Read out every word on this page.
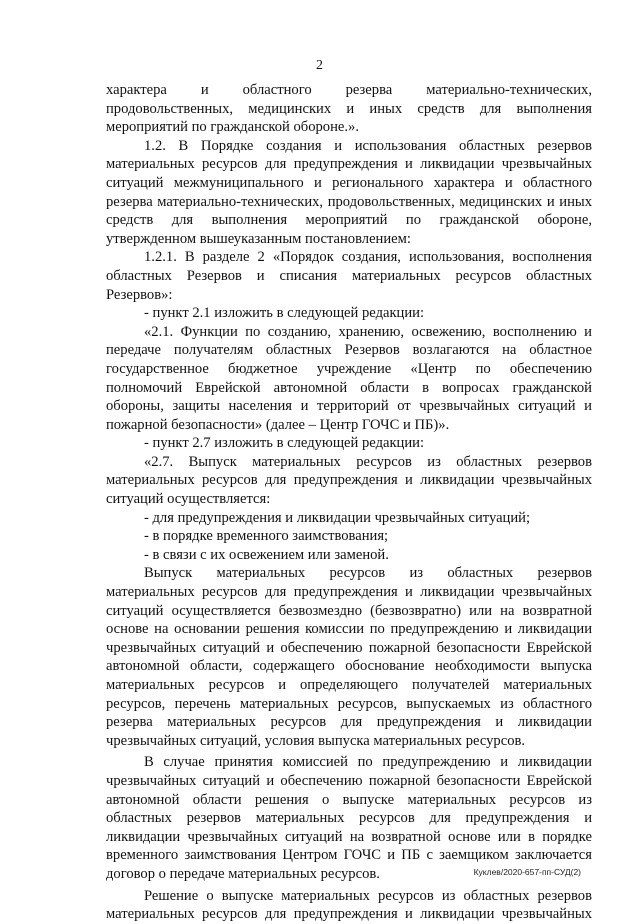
2
характера и областного резерва материально-технических,
продовольственных, медицинских и иных средств для выполнения
мероприятий по гражданской обороне.».
1.2. В Порядке создания и использования областных резервов
материальных ресурсов для предупреждения и ликвидации чрезвычайных
ситуаций межмуниципального и регионального характера и областного
резерва материально-технических, продовольственных, медицинских и иных
средств для выполнения мероприятий по гражданской обороне,
утвержденном вышеуказанным постановлением:
1.2.1. В разделе 2 «Порядок создания, использования, восполнения
областных Резервов и списания материальных ресурсов областных
Резервов»:
- пункт 2.1 изложить в следующей редакции:
«2.1. Функции по созданию, хранению, освежению, восполнению и
передаче получателям областных Резервов возлагаются на областное
государственное бюджетное учреждение «Центр по обеспечению
полномочий Еврейской автономной области в вопросах гражданской
обороны, защиты населения и территорий от чрезвычайных ситуаций и
пожарной безопасности» (далее – Центр ГОЧС и ПБ)».
- пункт 2.7 изложить в следующей редакции:
«2.7. Выпуск материальных ресурсов из областных резервов
материальных ресурсов для предупреждения и ликвидации чрезвычайных
ситуаций осуществляется:
- для предупреждения и ликвидации чрезвычайных ситуаций;
- в порядке временного заимствования;
- в связи с их освежением или заменой.
Выпуск материальных ресурсов из областных резервов
материальных ресурсов для предупреждения и ликвидации чрезвычайных
ситуаций осуществляется безвозмездно (безвозвратно) или на возвратной
основе на основании решения комиссии по предупреждению и ликвидации
чрезвычайных ситуаций и обеспечению пожарной безопасности Еврейской
автономной области, содержащего обоснование необходимости выпуска
материальных ресурсов и определяющего получателей материальных
ресурсов, перечень материальных ресурсов, выпускаемых из областного
резерва материальных ресурсов для предупреждения и ликвидации
чрезвычайных ситуаций, условия выпуска материальных ресурсов.
В случае принятия комиссией по предупреждению и ликвидации
чрезвычайных ситуаций и обеспечению пожарной безопасности Еврейской
автономной области решения о выпуске материальных ресурсов из
областных резервов материальных ресурсов для предупреждения и
ликвидации чрезвычайных ситуаций на возвратной основе или в порядке
временного заимствования Центром ГОЧС и ПБ с заемщиком заключается
договор о передаче материальных ресурсов.
Решение о выпуске материальных ресурсов из областных резервов
материальных ресурсов для предупреждения и ликвидации чрезвычайных
Куклев/2020-657-пп-СУД(2)
